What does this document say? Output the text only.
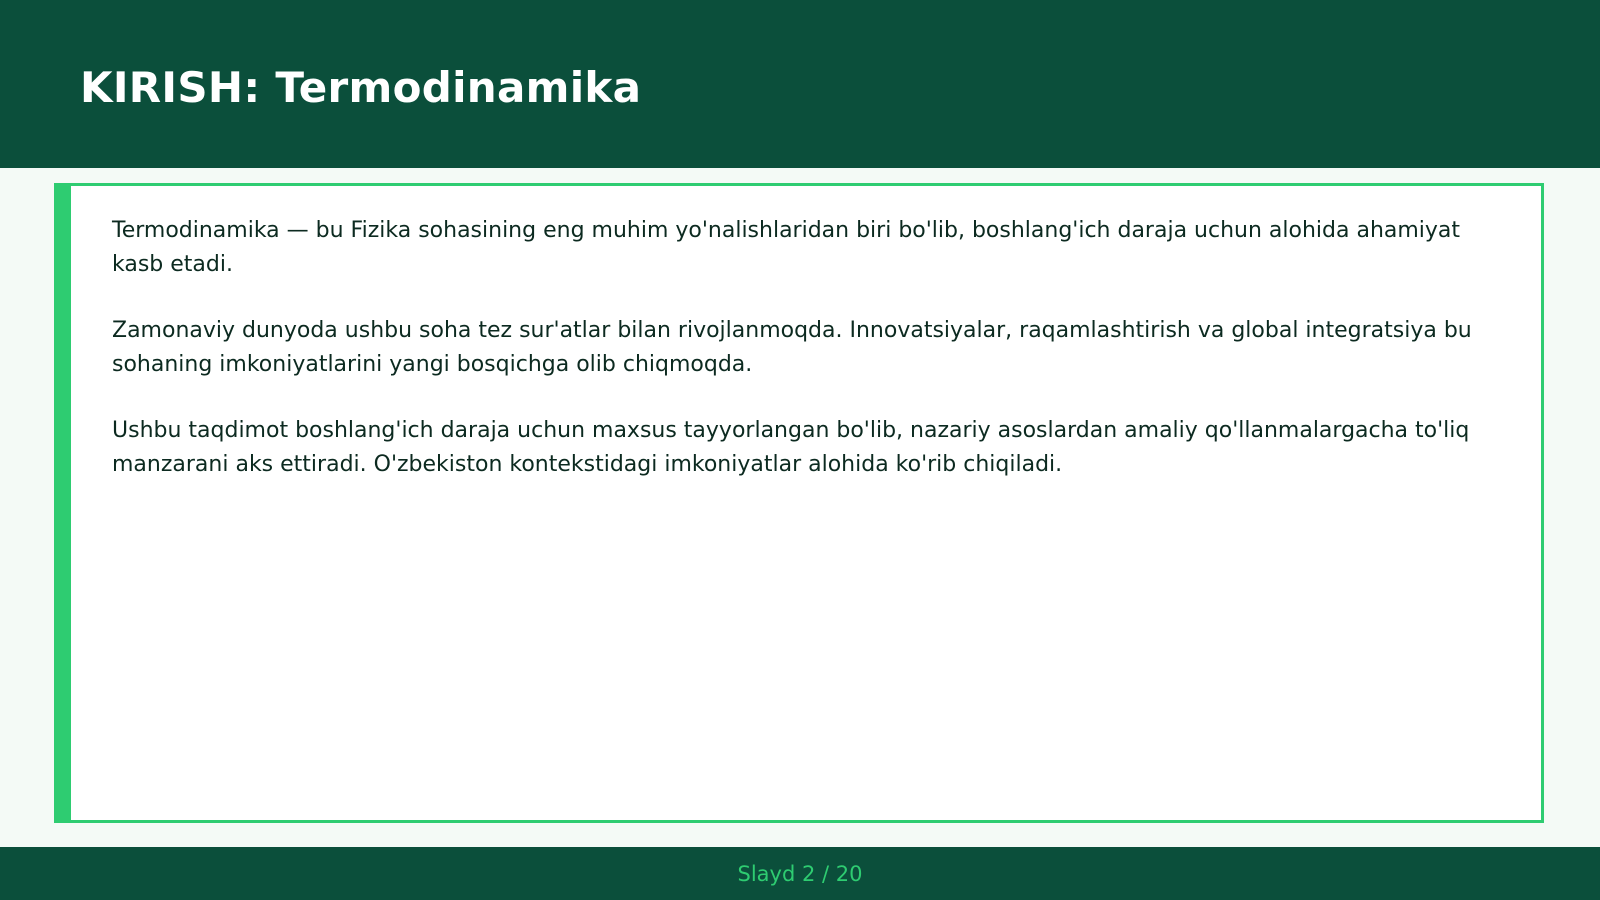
KIRISH: Termodinamika

Termodinamika — bu Fizika sohasining eng muhim yo'nalishlaridan biri bo'lib, boshlang'ich daraja uchun alohida ahamiyat kasb etadi.

Zamonaviy dunyoda ushbu soha tez sur'atlar bilan rivojlanmoqda. Innovatsiyalar, raqamlashtirish va global integratsiya bu sohaning imkoniyatlarini yangi bosqichga olib chiqmoqda.

Ushbu taqdimot boshlang'ich daraja uchun maxsus tayyorlangan bo'lib, nazariy asoslardan amaliy qo'llanmalargacha to'liq manzarani aks ettiradi. O'zbekiston kontekstidagi imkoniyatlar alohida ko'rib chiqiladi.

Slayd 2 / 20
